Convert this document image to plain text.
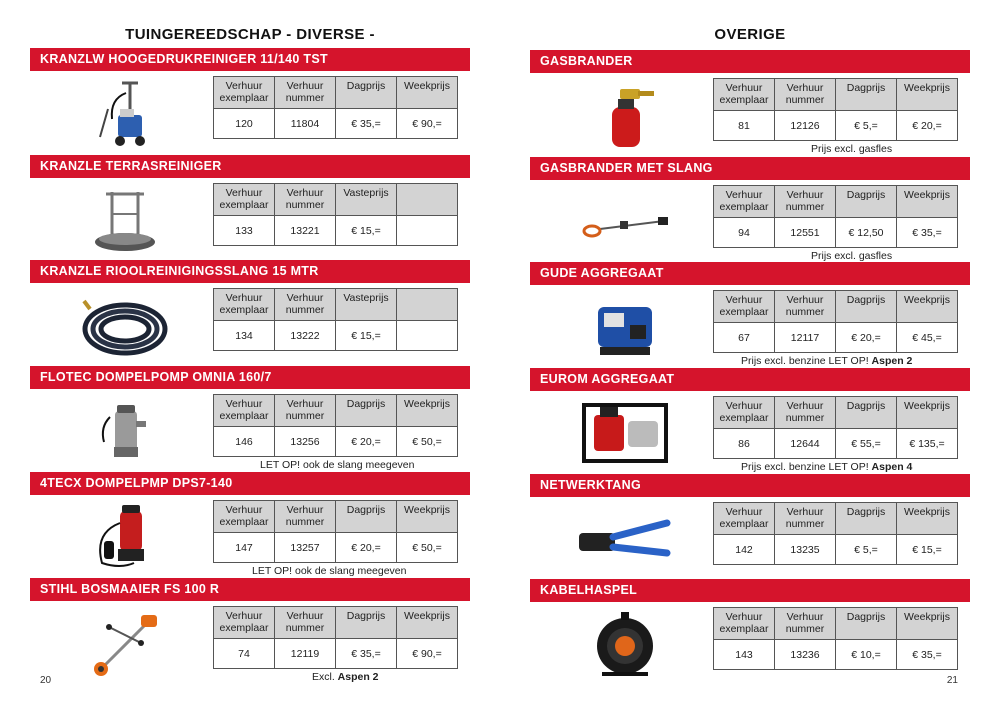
TUINGEREEDSCHAP - DIVERSE -
KRANZLW HOOGEDRUKREINIGER 11/140 TST
Verhuur exemplaar	Verhuur nummer	Dagprijs	Weekprijs
120	11804	€ 35,=	€ 90,=
KRANZLE TERRASREINIGER
Verhuur exemplaar	Verhuur nummer	Vasteprijs	
133	13221	€ 15,=	
KRANZLE RIOOLREINIGINGSSLANG 15 MTR
Verhuur exemplaar	Verhuur nummer	Vasteprijs	
134	13222	€ 15,=	
FLOTEC DOMPELPOMP OMNIA 160/7
Verhuur exemplaar	Verhuur nummer	Dagprijs	Weekprijs
146	13256	€ 20,=	€ 50,=
LET OP! ook de slang meegeven
4TECX DOMPELPMP DPS7-140
Verhuur exemplaar	Verhuur nummer	Dagprijs	Weekprijs
147	13257	€ 20,=	€ 50,=
LET OP! ook de slang meegeven
STIHL BOSMAAIER FS 100 R
Verhuur exemplaar	Verhuur nummer	Dagprijs	Weekprijs
74	12119	€ 35,=	€ 90,=
Excl. Aspen 2
20
OVERIGE
GASBRANDER
Verhuur exemplaar	Verhuur nummer	Dagprijs	Weekprijs
81	12126	€ 5,=	€ 20,=
Prijs excl. gasfles
GASBRANDER MET SLANG
Verhuur exemplaar	Verhuur nummer	Dagprijs	Weekprijs
94	12551	€ 12,50	€ 35,=
Prijs excl. gasfles
GUDE AGGREGAAT
Verhuur exemplaar	Verhuur nummer	Dagprijs	Weekprijs
67	12117	€ 20,=	€ 45,=
Prijs excl. benzine LET OP! Aspen 2
EUROM AGGREGAAT
Verhuur exemplaar	Verhuur nummer	Dagprijs	Weekprijs
86	12644	€ 55,=	€ 135,=
Prijs excl. benzine LET OP! Aspen 4
NETWERKTANG
Verhuur exemplaar	Verhuur nummer	Dagprijs	Weekprijs
142	13235	€ 5,=	€ 15,=
KABELHASPEL
Verhuur exemplaar	Verhuur nummer	Dagprijs	Weekprijs
143	13236	€ 10,=	€ 35,=
21
